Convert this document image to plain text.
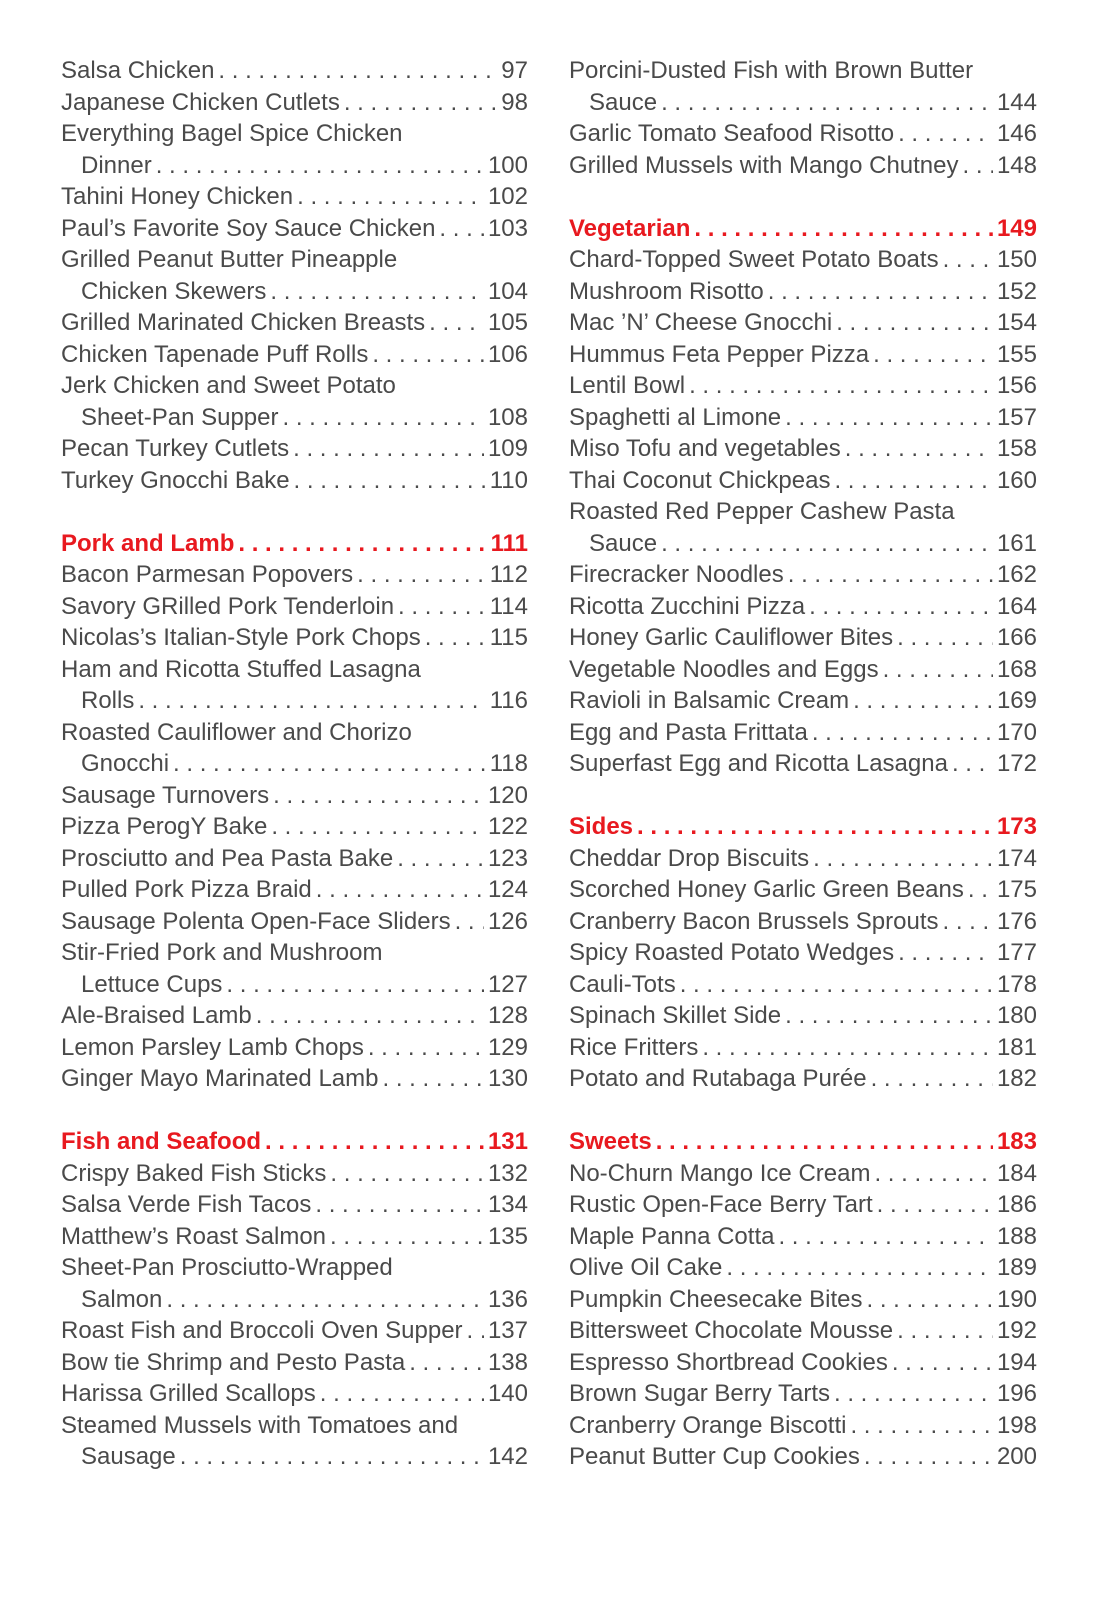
Salsa Chicken . . .	97
Japanese Chicken Cutlets . . .	98
Everything Bagel Spice Chicken
Dinner . . .	100
Tahini Honey Chicken . . .	102
Paul’s Favorite Soy Sauce Chicken . . . 103
Grilled Peanut Butter Pineapple
Chicken Skewers . . .	104
Grilled Marinated Chicken Breasts . . .	105
Chicken Tapenade Puff Rolls . . .	106
Jerk Chicken and Sweet Potato
Sheet-Pan Supper . . .	108
Pecan Turkey Cutlets . . .	109
Turkey Gnocchi Bake . . .	110
Pork and Lamb . . .	111
Bacon Parmesan Popovers . . .	112
Savory GRilled Pork Tenderloin . . .	114
Nicolas’s Italian-Style Pork Chops . . .	115
Ham and Ricotta Stuffed Lasagna
Rolls . . .	116
Roasted Cauliflower and Chorizo
Gnocchi . . .	118
Sausage Turnovers . . .	120
Pizza PerogY Bake . . .	122
Prosciutto and Pea Pasta Bake . . .	123
Pulled Pork Pizza Braid . . .	124
Sausage Polenta Open-Face Sliders . . . 126
Stir-Fried Pork and Mushroom
Lettuce Cups . . .	127
Ale-Braised Lamb . . .	128
Lemon Parsley Lamb Chops . . .	129
Ginger Mayo Marinated Lamb . . .	130
Fish and Seafood . . .	131
Crispy Baked Fish Sticks . . .	132
Salsa Verde Fish Tacos . . .	134
Matthew’s Roast Salmon . . .	135
Sheet-Pan Prosciutto-Wrapped
Salmon . . .	136
Roast Fish and Broccoli Oven Supper . . . 137
Bow tie Shrimp and Pesto Pasta . . .	138
Harissa Grilled Scallops . . .	140
Steamed Mussels with Tomatoes and
Sausage . . .	142
Porcini-Dusted Fish with Brown Butter
Sauce . . .	144
Garlic Tomato Seafood Risotto . . .	146
Grilled Mussels with Mango Chutney . . . 148
Vegetarian . . .	149
Chard-Topped Sweet Potato Boats . . . 150
Mushroom Risotto . . .	152
Mac ’N’ Cheese Gnocchi . . .	154
Hummus Feta Pepper Pizza . . .	155
Lentil Bowl . . .	156
Spaghetti al Limone . . .	157
Miso Tofu and vegetables . . .	158
Thai Coconut Chickpeas . . .	160
Roasted Red Pepper Cashew Pasta
Sauce . . .	161
Firecracker Noodles . . .	162
Ricotta Zucchini Pizza . . .	164
Honey Garlic Cauliflower Bites . . .	166
Vegetable Noodles and Eggs . . .	168
Ravioli in Balsamic Cream . . .	169
Egg and Pasta Frittata . . .	170
Superfast Egg and Ricotta Lasagna . . . 172
Sides . . .	173
Cheddar Drop Biscuits . . .	174
Scorched Honey Garlic Green Beans . . . 175
Cranberry Bacon Brussels Sprouts . . . 176
Spicy Roasted Potato Wedges . . .	177
Cauli-Tots . . .	178
Spinach Skillet Side . . .	180
Rice Fritters . . .	181
Potato and Rutabaga Purée . . .	182
Sweets . . .	183
No-Churn Mango Ice Cream . . .	184
Rustic Open-Face Berry Tart . . .	186
Maple Panna Cotta . . .	188
Olive Oil Cake . . .	189
Pumpkin Cheesecake Bites . . .	190
Bittersweet Chocolate Mousse . . .	192
Espresso Shortbread Cookies . . .	194
Brown Sugar Berry Tarts . . .	196
Cranberry Orange Biscotti . . .	198
Peanut Butter Cup Cookies . . .	200
